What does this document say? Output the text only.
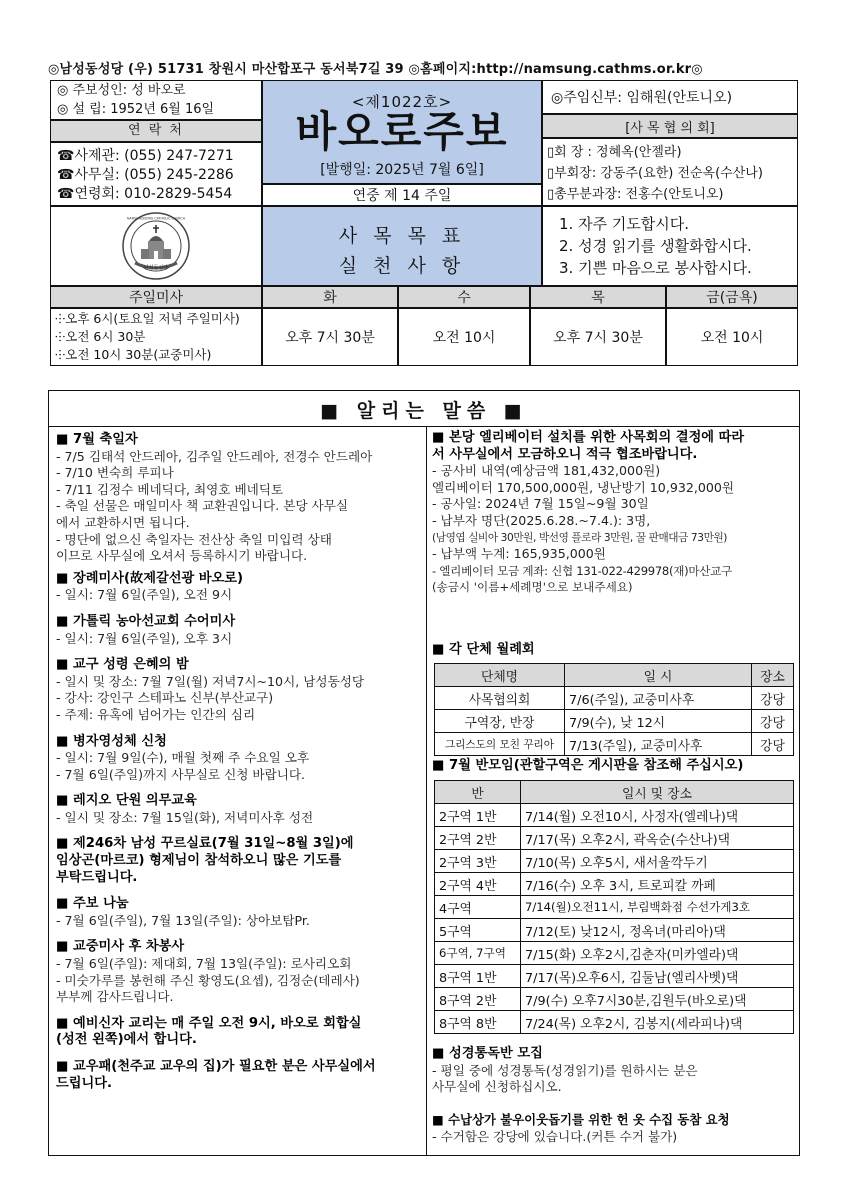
◎남성동성당 (우) 51731 창원시 마산합포구 동서북7길 39 ◎홈페이지:http://namsung.cathms.or.kr◎
◎ 주보성인: 성 바오로
◎ 설 립: 1952년 6월 16일
연 락 처
☎사제관: (055) 247-7271
☎사무실: (055) 245-2286
☎연령회: 010-2829-5454
<제1022호>
바오로주보
[발행일: 2025년 7월 6일]
연중 제 14 주일
◎주임신부: 임해원(안토니오)
[사 목 협 의 회]
▯회 장 : 정혜옥(안젤라)
▯부회장: 강동주(요한) 전순옥(수산나)
▯총무분과장: 전홍수(안토니오)
남성동성당
NAMSUNGDONG CATHOLIC CHURCH
사 목 목 표
실 천 사 항
1. 자주 기도합시다.
2. 성경 읽기를 생활화합시다.
3. 기쁜 마음으로 봉사합시다.
주일미사	화	수	목	금(금욕)
⸭오후 6시(토요일 저녁 주일미사)
⸭오전 6시 30분
⸭오전 10시 30분(교중미사)
오후 7시 30분	오전 10시	오후 7시 30분	오전 10시
■ 알리는 말씀 ■
■ 7월 축일자
- 7/5 김태석 안드레아, 김주일 안드레아, 전경수 안드레아
- 7/10 변숙희 루피나
- 7/11 김정수 베네딕다, 최영호 베네딕토
- 축일 선물은 매일미사 책 교환권입니다. 본당 사무실
에서 교환하시면 됩니다.
- 명단에 없으신 축일자는 전산상 축일 미입력 상태
이므로 사무실에 오셔서 등록하시기 바랍니다.
■ 장례미사(故제갈선광 바오로)
- 일시: 7월 6일(주일), 오전 9시
■ 가톨릭 농아선교회 수어미사
- 일시: 7월 6일(주일), 오후 3시
■ 교구 성령 은혜의 밤
- 일시 및 장소: 7월 7일(월) 저녁7시~10시, 남성동성당
- 강사: 강인구 스테파노 신부(부산교구)
- 주제: 유혹에 넘어가는 인간의 심리
■ 병자영성체 신청
- 일시: 7월 9일(수), 매월 첫째 주 수요일 오후
- 7월 6일(주일)까지 사무실로 신청 바랍니다.
■ 레지오 단원 의무교육
- 일시 및 장소: 7월 15일(화), 저녁미사후 성전
■ 제246차 남성 꾸르실료(7월 31일~8월 3일)에
임상곤(마르코) 형제님이 참석하오니 많은 기도를
부탁드립니다.
■ 주보 나눔
- 7월 6일(주일), 7월 13일(주일): 상아보탑Pr.
■ 교중미사 후 차봉사
- 7월 6일(주일): 제대회, 7월 13일(주일): 로사리오회
- 미숫가루를 봉헌해 주신 황영도(요셉), 김정순(데레사)
부부께 감사드립니다.
■ 예비신자 교리는 매 주일 오전 9시, 바오로 회합실
(성전 왼쪽)에서 합니다.
■ 교우패(천주교 교우의 집)가 필요한 분은 사무실에서
드립니다.
■ 본당 엘리베이터 설치를 위한 사목회의 결정에 따라
서 사무실에서 모금하오니 적극 협조바랍니다.
- 공사비 내역(예상금액 181,432,000원)
엘리베이터 170,500,000원, 냉난방기 10,932,000원
- 공사일: 2024년 7월 15일~9월 30일
- 납부자 명단(2025.6.28.~7.4.): 3명,
(남영엽 실비아 30만원, 박선영 플로라 3만원, 꿀 판매대금 73만원)
- 납부액 누계: 165,935,000원
- 엘리베이터 모금 계좌: 신협 131-022-429978(재)마산교구
(송금시 '이름+세례명'으로 보내주세요)
■ 각 단체 월례회
단체명	일 시	장소
사목협의회	7/6(주일), 교중미사후	강당
구역장, 반장	7/9(수), 낮 12시	강당
그리스도의 모친 꾸리아	7/13(주일), 교중미사후	강당
■ 7월 반모임(관할구역은 게시판을 참조해 주십시오)
반	일시 및 장소
2구역 1반	7/14(월) 오전10시, 사정자(엘레나)댁
2구역 2반	7/17(목) 오후2시, 곽옥순(수산나)댁
2구역 3반	7/10(목) 오후5시, 새서울깍두기
2구역 4반	7/16(수) 오후 3시, 트로피칼 까페
4구역	7/14(월)오전11시, 부림백화점 수선가게3호
5구역	7/12(토) 낮12시, 정옥녀(마리아)댁
6구역, 7구역	7/15(화) 오후2시,김춘자(미카엘라)댁
8구역 1반	7/17(목)오후6시, 김둘남(엘리사벳)댁
8구역 2반	7/9(수) 오후7시30분,김원두(바오로)댁
8구역 8반	7/24(목) 오후2시, 김봉지(세라피나)댁
■ 성경통독반 모집
- 평일 중에 성경통독(성경읽기)를 원하시는 분은
사무실에 신청하십시오.
■ 수납상가 불우이웃돕기를 위한 헌 옷 수집 동참 요청
- 수거함은 강당에 있습니다.(커튼 수거 불가)
